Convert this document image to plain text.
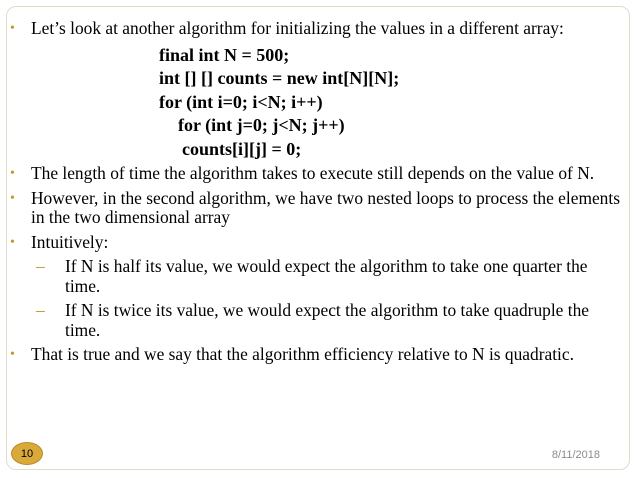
• Let’s look at another algorithm for initializing the values in a different array:
final int N = 500;
int [] [] counts = new int[N][N];
for (int i=0; i<N; i++)
for (int j=0; j<N; j++)
counts[i][j] = 0;
• The length of time the algorithm takes to execute still depends on the value of N.
• However, in the second algorithm, we have two nested loops to process the elements in the two dimensional array
• Intuitively:
– If N is half its value, we would expect the algorithm to take one quarter the time.
– If N is twice its value, we would expect the algorithm to take quadruple the time.
• That is true and we say that the algorithm efficiency relative to N is quadratic.
10	8/11/2018
